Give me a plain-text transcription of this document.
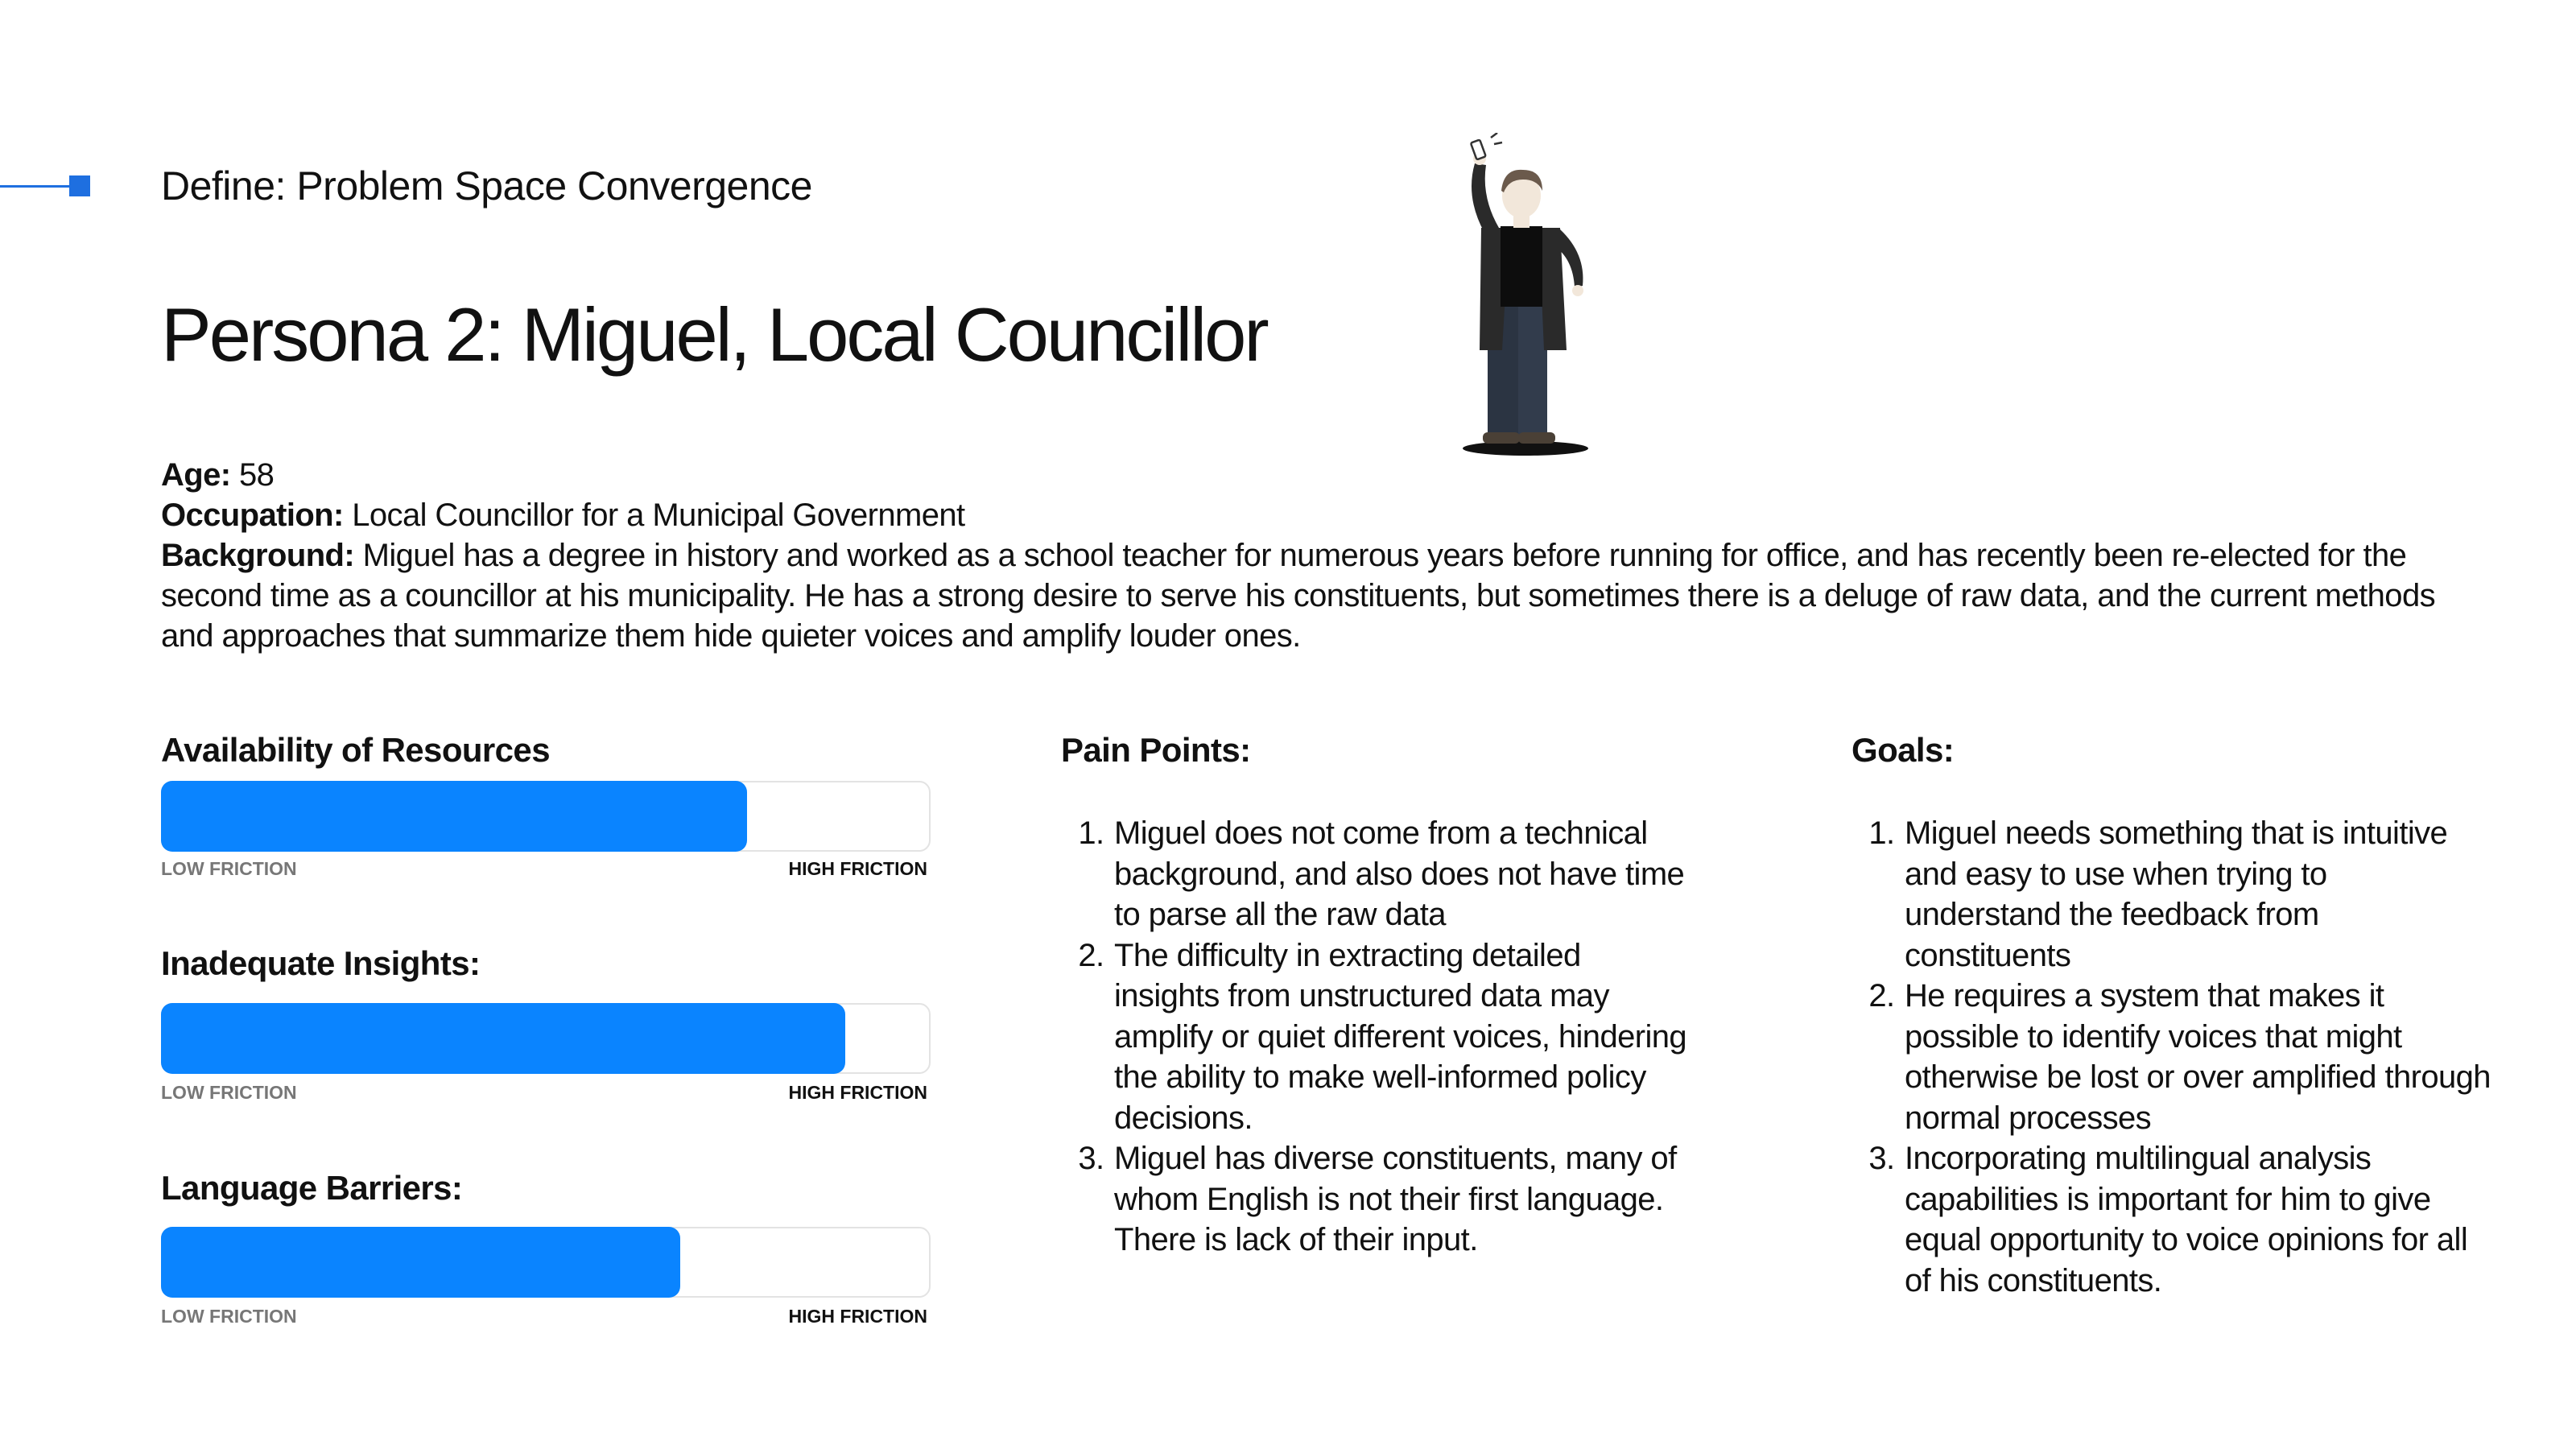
Define: Problem Space Convergence
Persona 2: Miguel, Local Councillor
Age: 58
Occupation: Local Councillor for a Municipal Government
Background: Miguel has a degree in history and worked as a school teacher for numerous years before running for office, and has recently been re-elected for the second time as a councillor at his municipality. He has a strong desire to serve his constituents, but sometimes there is a deluge of raw data, and the current methods and approaches that summarize them hide quieter voices and amplify louder ones.
Availability of Resources
LOW FRICTION	HIGH FRICTION
Inadequate Insights:
LOW FRICTION	HIGH FRICTION
Language Barriers:
LOW FRICTION	HIGH FRICTION
Pain Points:
1. Miguel does not come from a technical background, and also does not have time to parse all the raw data
2. The difficulty in extracting detailed insights from unstructured data may amplify or quiet different voices, hindering the ability to make well-informed policy decisions.
3. Miguel has diverse constituents, many of whom English is not their first language. There is lack of their input.
Goals:
1. Miguel needs something that is intuitive and easy to use when trying to understand the feedback from constituents
2. He requires a system that makes it possible to identify voices that might otherwise be lost or over amplified through normal processes
3. Incorporating multilingual analysis capabilities is important for him to give equal opportunity to voice opinions for all of his constituents.
